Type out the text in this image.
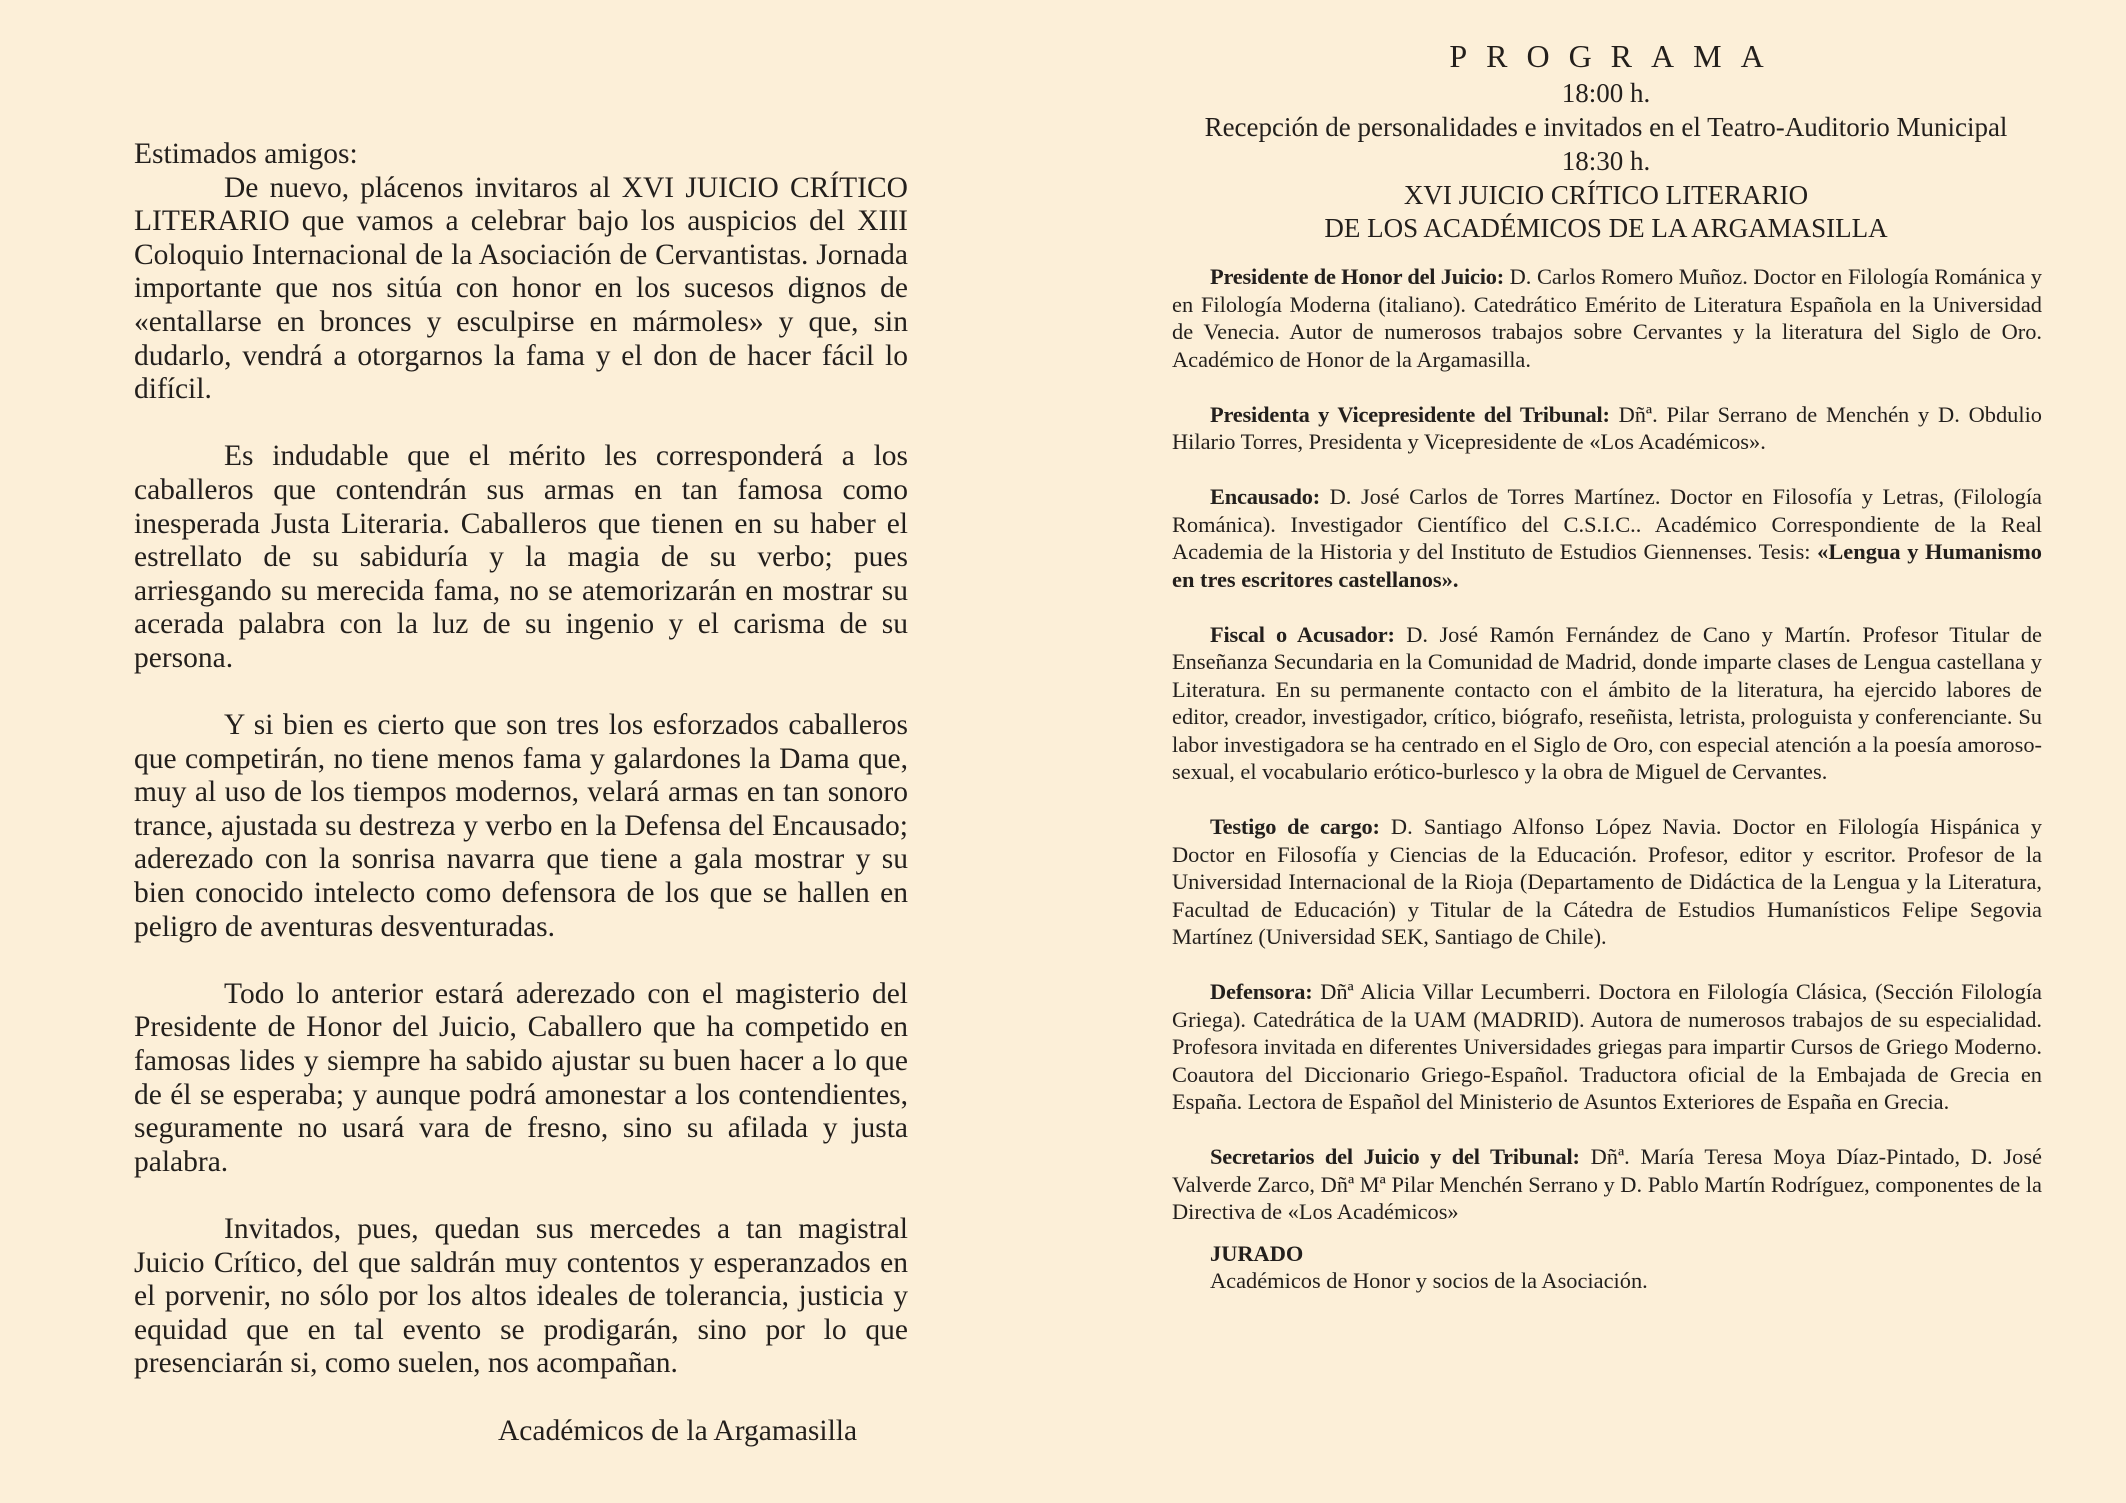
Estimados amigos:

De nuevo, plácenos invitaros al XVI JUICIO CRÍTICO LITERARIO que vamos a celebrar bajo los auspicios del XIII Coloquio Internacional de la Asociación de Cervantistas. Jornada importante que nos sitúa con honor en los sucesos dignos de «entallarse en bronces y esculpirse en mármoles» y que, sin dudarlo, vendrá a otorgarnos la fama y el don de hacer fácil lo difícil.

Es indudable que el mérito les corresponderá a los caballeros que contendrán sus armas en tan famosa como inesperada Justa Literaria. Caballeros que tienen en su haber el estrellato de su sabiduría y la magia de su verbo; pues arriesgando su merecida fama, no se atemorizarán en mostrar su acerada palabra con la luz de su ingenio y el carisma de su persona.

Y si bien es cierto que son tres los esforzados caballeros que competirán, no tiene menos fama y galardones la Dama que, muy al uso de los tiempos modernos, velará armas en tan sonoro trance, ajustada su destreza y verbo en la Defensa del Encausado; aderezado con la sonrisa navarra que tiene a gala mostrar y su bien conocido intelecto como defensora de los que se hallen en peligro de aventuras desventuradas.

Todo lo anterior estará aderezado con el magisterio del Presidente de Honor del Juicio, Caballero que ha competido en famosas lides y siempre ha sabido ajustar su buen hacer a lo que de él se esperaba; y aunque podrá amonestar a los contendientes, seguramente no usará vara de fresno, sino su afilada y justa palabra.

Invitados, pues, quedan sus mercedes a tan magistral Juicio Crítico, del que saldrán muy contentos y esperanzados en el porvenir, no sólo por los altos ideales de tolerancia, justicia y equidad que en tal evento se prodigarán, sino por lo que presenciarán si, como suelen, nos acompañan.

Académicos de la Argamasilla

PROGRAMA

18:00 h.

Recepción de personalidades e invitados en el Teatro-Auditorio Municipal

18:30 h.

XVI JUICIO CRÍTICO LITERARIO

DE LOS ACADÉMICOS DE LA ARGAMASILLA

Presidente de Honor del Juicio: D. Carlos Romero Muñoz. Doctor en Filología Románica y en Filología Moderna (italiano). Catedrático Emérito de Literatura Española en la Universidad de Venecia. Autor de numerosos trabajos sobre Cervantes y la literatura del Siglo de Oro. Académico de Honor de la Argamasilla.

Presidenta y Vicepresidente del Tribunal: Dñª. Pilar Serrano de Menchén y D. Obdulio Hilario Torres, Presidenta y Vicepresidente de «Los Académicos».

Encausado: D. José Carlos de Torres Martínez. Doctor en Filosofía y Letras, (Filología Románica). Investigador Científico del C.S.I.C.. Académico Correspondiente de la Real Academia de la Historia y del Instituto de Estudios Giennenses. Tesis: «Lengua y Humanismo en tres escritores castellanos».

Fiscal o Acusador: D. José Ramón Fernández de Cano y Martín. Profesor Titular de Enseñanza Secundaria en la Comunidad de Madrid, donde imparte clases de Lengua castellana y Literatura. En su permanente contacto con el ámbito de la literatura, ha ejercido labores de editor, creador, investigador, crítico, biógrafo, reseñista, letrista, prologuista y conferenciante. Su labor investigadora se ha centrado en el Siglo de Oro, con especial atención a la poesía amoroso-sexual, el vocabulario erótico-burlesco y la obra de Miguel de Cervantes.

Testigo de cargo: D. Santiago Alfonso López Navia. Doctor en Filología Hispánica y Doctor en Filosofía y Ciencias de la Educación. Profesor, editor y escritor. Profesor de la Universidad Internacional de la Rioja (Departamento de Didáctica de la Lengua y la Literatura, Facultad de Educación) y Titular de la Cátedra de Estudios Humanísticos Felipe Segovia Martínez (Universidad SEK, Santiago de Chile).

Defensora: Dñª Alicia Villar Lecumberri. Doctora en Filología Clásica, (Sección Filología Griega). Catedrática de la UAM (MADRID). Autora de numerosos trabajos de su especialidad. Profesora invitada en diferentes Universidades griegas para impartir Cursos de Griego Moderno. Coautora del Diccionario Griego-Español. Traductora oficial de la Embajada de Grecia en España. Lectora de Español del Ministerio de Asuntos Exteriores de España en Grecia.

Secretarios del Juicio y del Tribunal: Dñª. María Teresa Moya Díaz-Pintado, D. José Valverde Zarco, Dñª Mª Pilar Menchén Serrano y D. Pablo Martín Rodríguez, componentes de la Directiva de «Los Académicos»

JURADO

Académicos de Honor y socios de la Asociación.
